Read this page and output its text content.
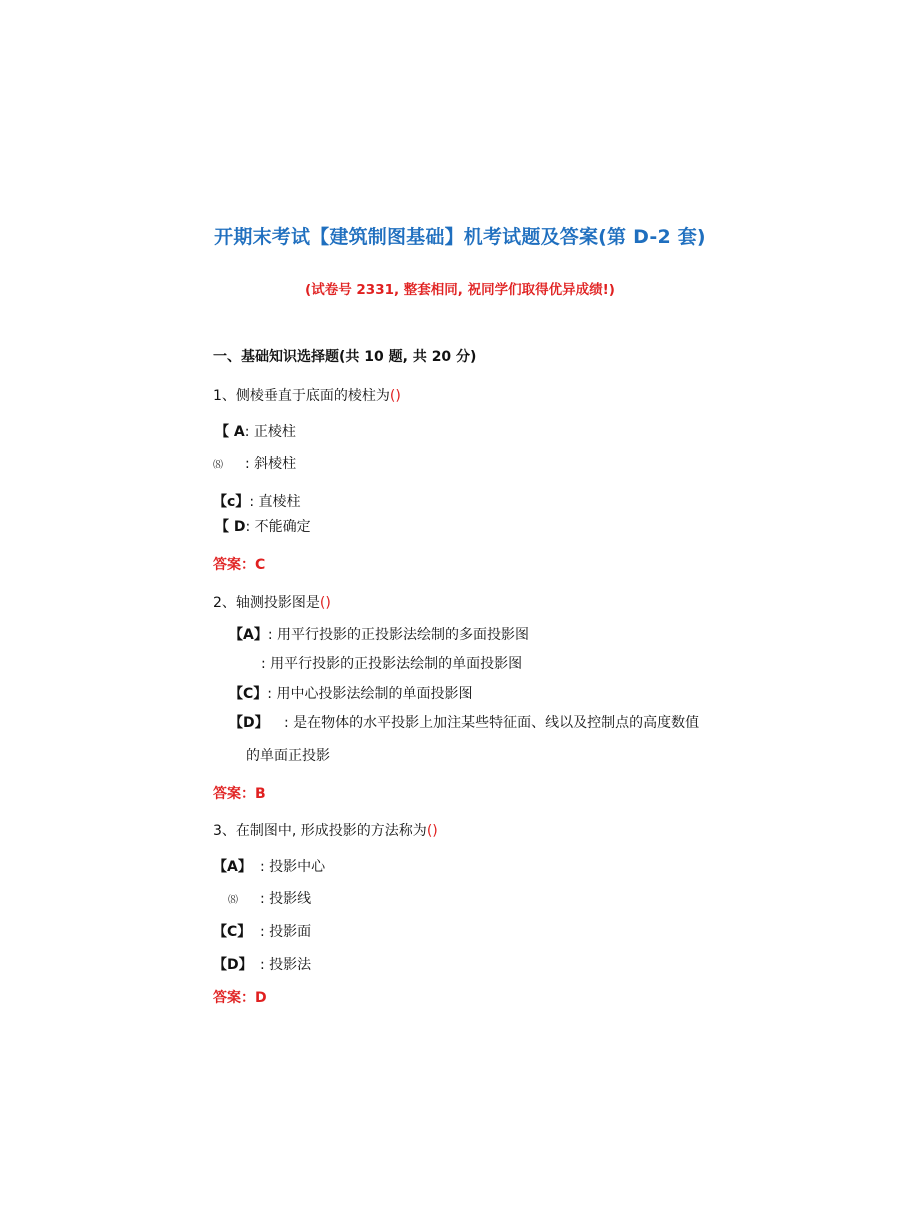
开期末考试【建筑制图基础】机考试题及答案(第 D-2 套)
(试卷号 2331, 整套相同, 祝同学们取得优异成绩!)
一、基础知识选择题(共 10 题, 共 20 分)
1、侧棱垂直于底面的棱柱为()
【 A: 正棱柱
⑻ : 斜棱柱
【c】: 直棱柱
【 D: 不能确定
答案：C
2、轴测投影图是()
【A】: 用平行投影的正投影法绘制的多面投影图
: 用平行投影的正投影法绘制的单面投影图
【C】: 用中心投影法绘制的单面投影图
【D】 : 是在物体的水平投影上加注某些特征面、线以及控制点的高度数值
的单面正投影
答案：B
3、在制图中, 形成投影的方法称为()
【A】 : 投影中心
⑻ : 投影线
【C】 : 投影面
【D】 : 投影法
答案：D
